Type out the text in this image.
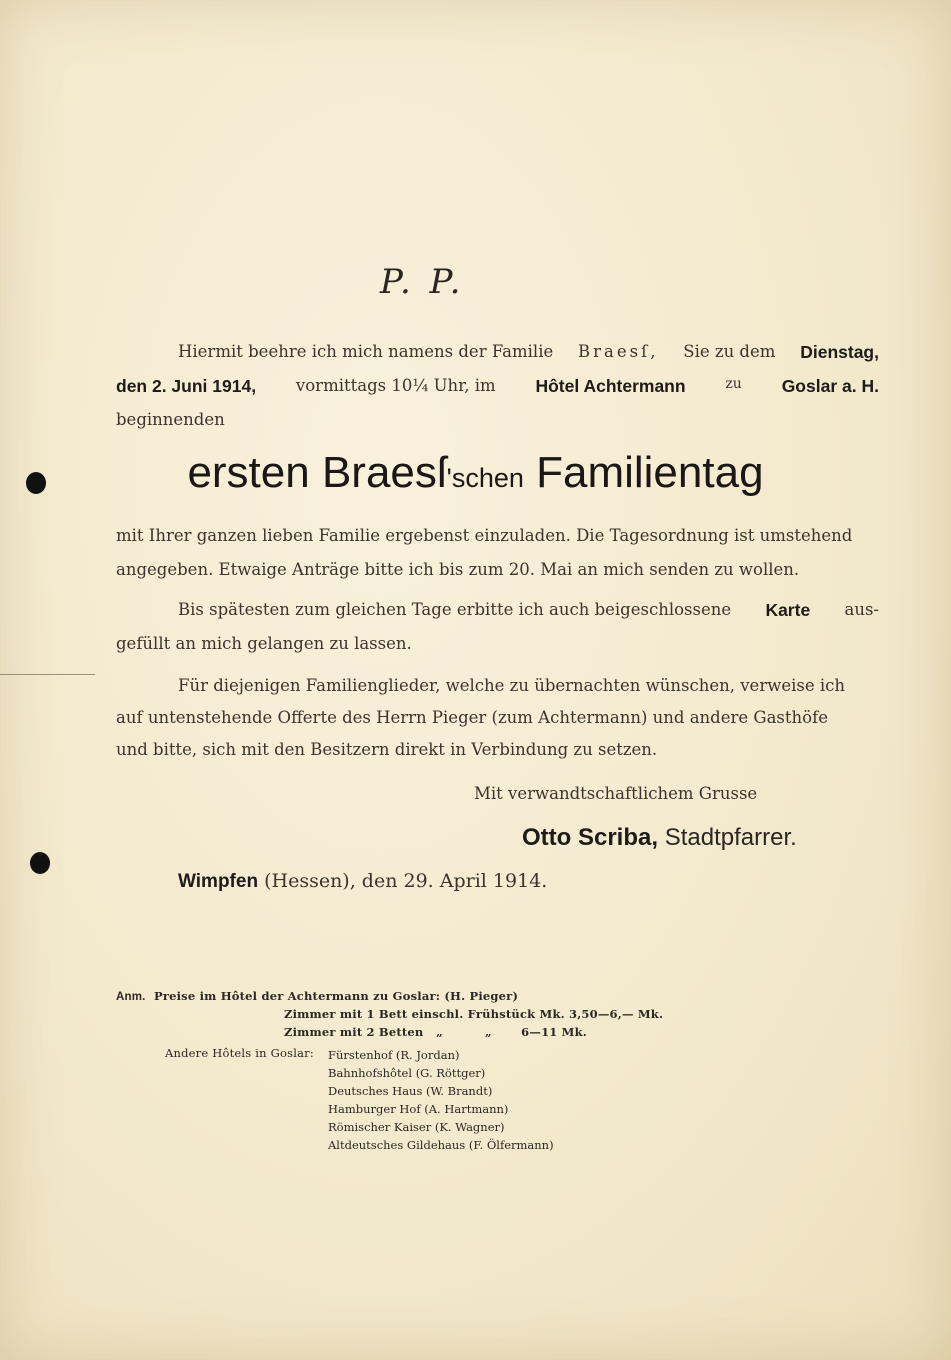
P. P.
Hiermit beehre ich mich namens der Familie Braesſ, Sie zu dem Dienstag,
den 2. Juni 1914, vormittags 10¼ Uhr, im Hôtel Achtermann	zu Goslar a. H.
beginnenden
ersten Braesſ'schen Familientag
mit Ihrer ganzen lieben Familie ergebenst einzuladen. Die Tagesordnung ist umstehend
angegeben. Etwaige Anträge bitte ich bis zum 20. Mai an mich senden zu wollen.
Bis spätesten zum gleichen Tage erbitte ich auch beigeschlossene Karte aus-
gefüllt an mich gelangen zu lassen.
Für diejenigen Familienglieder, welche zu übernachten wünschen, verweise ich
auf untenstehende Offerte des Herrn Pieger (zum Achtermann) und andere Gasthöfe
und bitte, sich mit den Besitzern direkt in Verbindung zu setzen.
Mit verwandtschaftlichem Grusse
Otto Scriba, Stadtpfarrer.
Wimpfen (Hessen), den 29. April 1914.
Anm. Preise im Hôtel der Achtermann zu Goslar: (H. Pieger)
Zimmer mit 1 Bett einschl. Frühstück Mk. 3,50—6,— Mk.
Zimmer mit 2 Betten   „          „       6—11 Mk.
Andere Hôtels in Goslar: Fürstenhof (R. Jordan)
Bahnhofshôtel (G. Röttger)
Deutsches Haus (W. Brandt)
Hamburger Hof (A. Hartmann)
Römischer Kaiser (K. Wagner)
Altdeutsches Gildehaus (F. Ölfermann)
